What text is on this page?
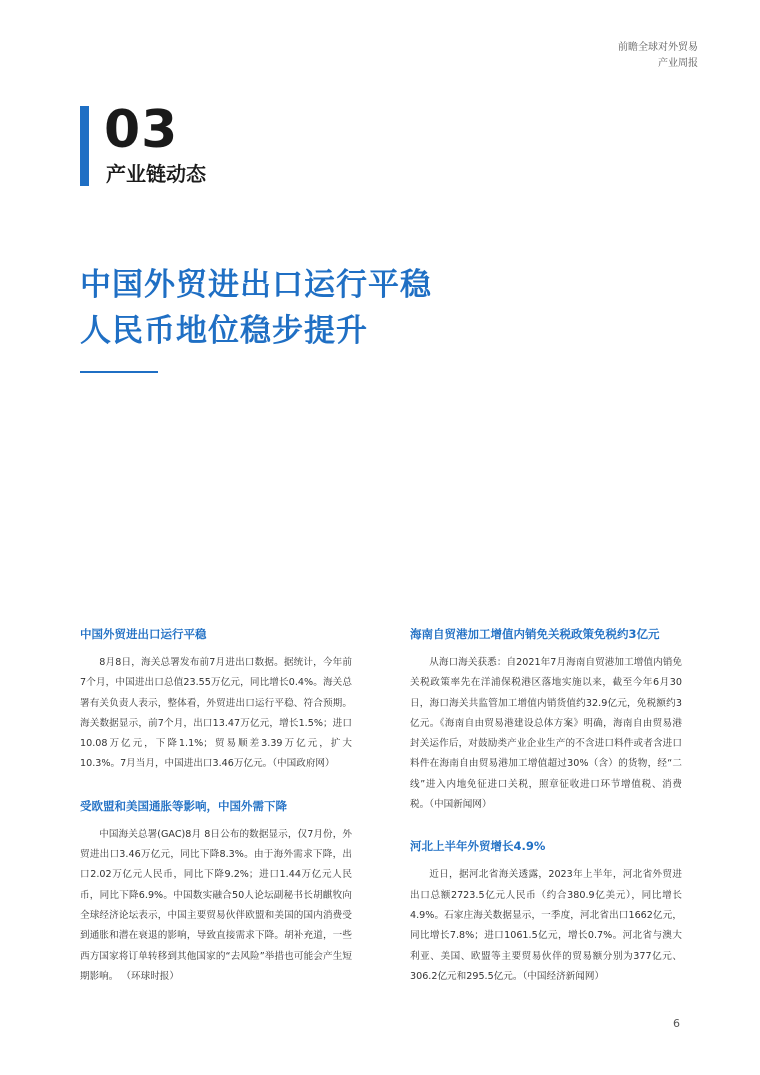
前瞻全球对外贸易
产业周报
03
产业链动态
中国外贸进出口运行平稳
人民币地位稳步提升

中国外贸进出口运行平稳

8月8日，海关总署发布前7月进出口数据。据统计，今年前7个月，中国进出口总值23.55万亿元，同比增长0.4%。海关总署有关负责人表示，整体看，外贸进出口运行平稳、符合预期。海关数据显示，前7个月，出口13.47万亿元，增长1.5%；进口10.08万亿元，下降1.1%；贸易顺差3.39万亿元，扩大10.3%。7月当月，中国进出口3.46万亿元。（中国政府网）

受欧盟和美国通胀等影响，中国外需下降

中国海关总署(GAC)8月 8日公布的数据显示，仅7月份，外贸进出口3.46万亿元，同比下降8.3%。由于海外需求下降，出口2.02万亿元人民币，同比下降9.2%；进口1.44万亿元人民币，同比下降6.9%。中国数实融合50人论坛副秘书长胡麒牧向全球经济论坛表示，中国主要贸易伙伴欧盟和美国的国内消费受到通胀和潜在衰退的影响，导致直接需求下降。胡补充道，一些西方国家将订单转移到其他国家的“去风险”举措也可能会产生短期影响。 （环球时报）

海南自贸港加工增值内销免关税政策免税约3亿元

从海口海关获悉：自2021年7月海南自贸港加工增值内销免关税政策率先在洋浦保税港区落地实施以来，截至今年6月30日，海口海关共监管加工增值内销货值约32.9亿元，免税额约3亿元。《海南自由贸易港建设总体方案》明确，海南自由贸易港封关运作后，对鼓励类产业企业生产的不含进口料件或者含进口料件在海南自由贸易港加工增值超过30%（含）的货物，经“二线”进入内地免征进口关税，照章征收进口环节增值税、消费税。（中国新闻网）

河北上半年外贸增长4.9%

近日，据河北省海关透露，2023年上半年，河北省外贸进出口总额2723.5亿元人民币（约合380.9亿美元），同比增长4.9%。石家庄海关数据显示，一季度，河北省出口1662亿元，同比增长7.8%；进口1061.5亿元，增长0.7%。河北省与澳大利亚、美国、欧盟等主要贸易伙伴的贸易额分别为377亿元、306.2亿元和295.5亿元。（中国经济新闻网）

6
